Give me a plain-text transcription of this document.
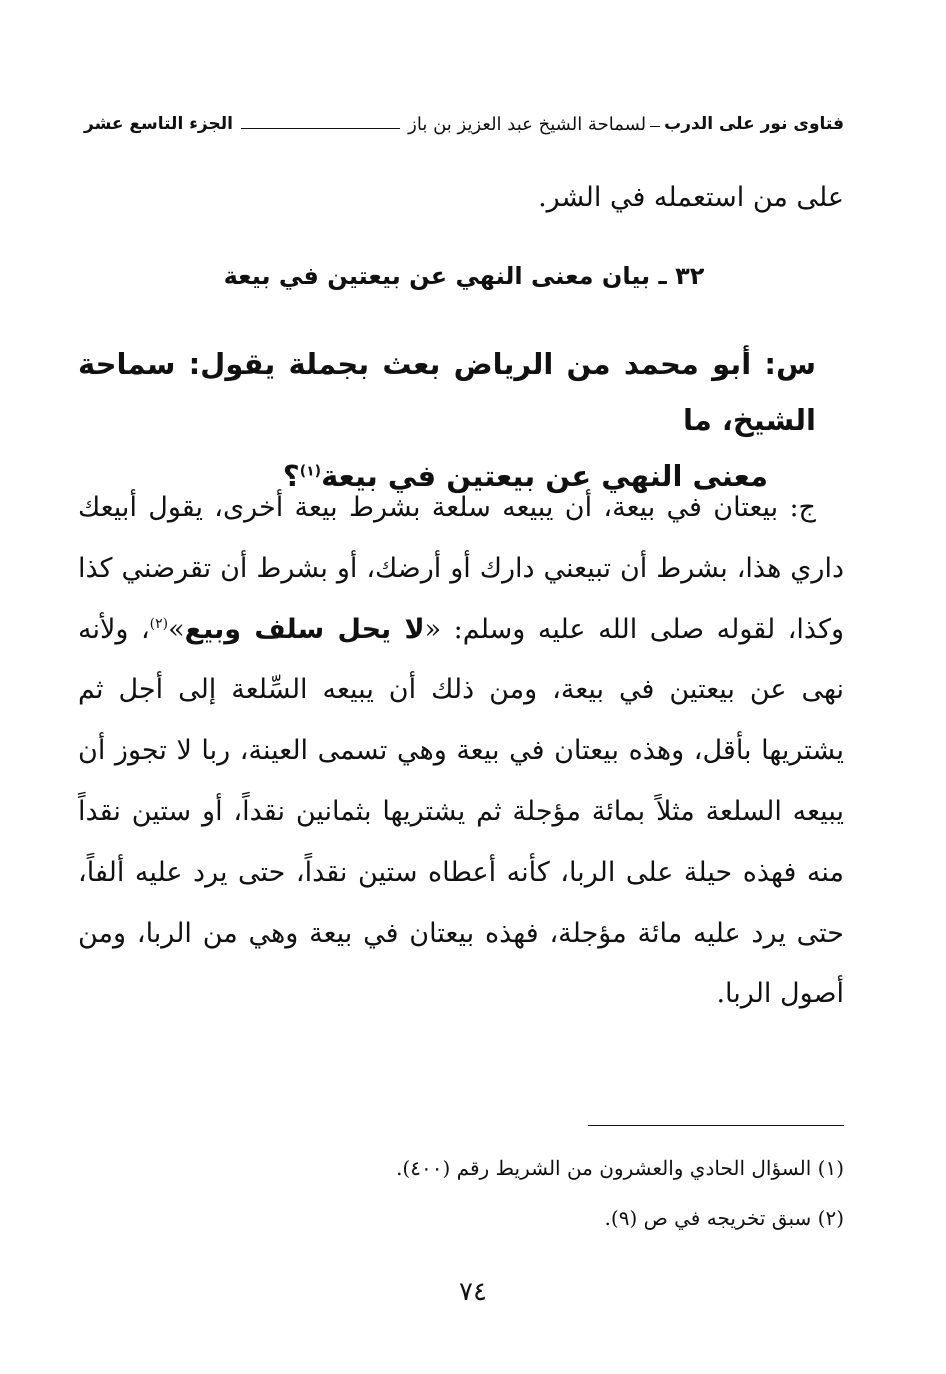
فتاوى نور على الدرب
لسماحة الشيخ عبد العزيز بن باز
الجزء التاسع عشر
على من استعمله في الشر.
٣٢ ـ بيان معنى النهي عن بيعتين في بيعة
س: أبو محمد من الرياض بعث بجملة يقول: سماحة الشيخ، ما
معنى النهي عن بيعتين في بيعة$^{(١)}$؟
ج: بيعتان في بيعة، أن يبيعه سلعة بشرط بيعة أخرى، يقول أبيعك داري هذا، بشرط أن تبيعني دارك أو أرضك، أو بشرط أن تقرضني كذا وكذا، لقوله صلى الله عليه وسلم: «لا يحل سلف وبيع»$^{(٢)}$، ولأنه نهى عن بيعتين في بيعة، ومن ذلك أن يبيعه السِّلعة إلى أجل ثم يشتريها بأقل، وهذه بيعتان في بيعة وهي تسمى العينة، ربا لا تجوز أن يبيعه السلعة مثلاً بمائة مؤجلة ثم يشتريها بثمانين نقداً، أو ستين نقداً منه فهذه حيلة على الربا، كأنه أعطاه ستين نقداً، حتى يرد عليه ألفاً، حتى يرد عليه مائة مؤجلة، فهذه بيعتان في بيعة وهي من الربا، ومن أصول الربا.
(١) السؤال الحادي والعشرون من الشريط رقم (٤٠٠).
(٢) سبق تخريجه في ص (٩).
٧٤
